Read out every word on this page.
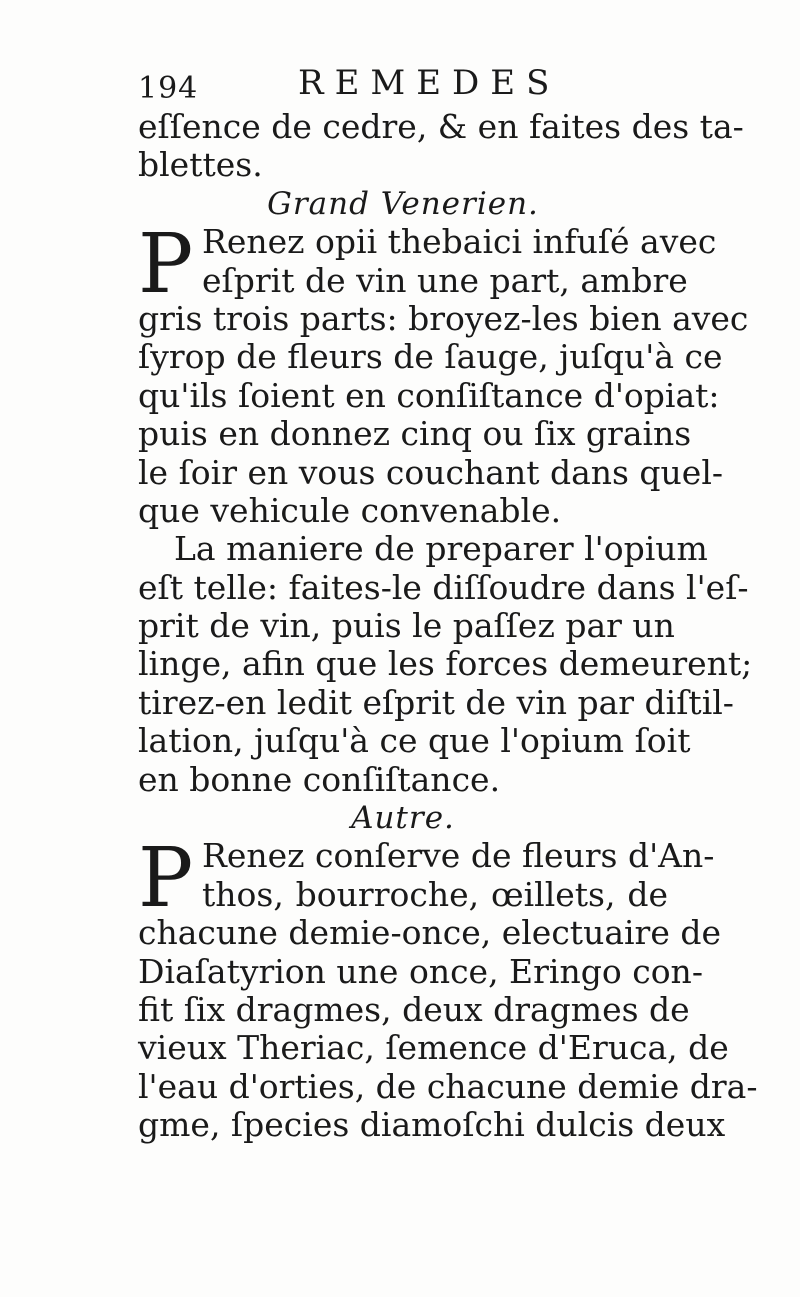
194	REMEDES
eſſence de cedre, & en faites des ta-
blettes.
Grand Venerien.
P Renez opii thebaici infuſé avec
eſprit de vin une part, ambre
gris trois parts: broyez-les bien avec
ſyrop de fleurs de ſauge, juſqu'à ce
qu'ils ſoient en conſiſtance d'opiat:
puis en donnez cinq ou ſix grains
le ſoir en vous couchant dans quel-
que vehicule convenable.
La maniere de preparer l'opium
eſt telle: faites-le diſſoudre dans l'eſ-
prit de vin, puis le paſſez par un
linge, afin que les forces demeurent;
tirez-en ledit eſprit de vin par diſtil-
lation, juſqu'à ce que l'opium ſoit
en bonne conſiſtance.
Autre.
P Renez conſerve de fleurs d'An-
thos, bourroche, œillets, de
chacune demie-once, electuaire de
Diaſatyrion une once, Eringo con-
fit ſix dragmes, deux dragmes de
vieux Theriac, ſemence d'Eruca, de
l'eau d'orties, de chacune demie dra-
gme, ſpecies diamoſchi dulcis deux
